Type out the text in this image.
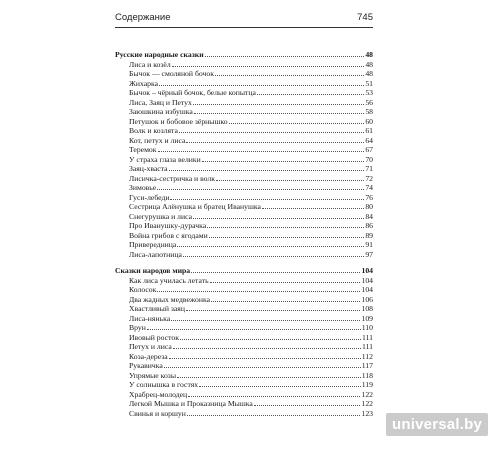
Содержание	745
Русские народные сказки	48
Лиса и козёл	48
Бычок — смоляной бочок	48
Жихарка	51
Бычок – чёрный бочок, белые копытца	53
Лиса, Заяц и Петух	56
Заюшкина избушка	58
Петушок и бобовое зёрнышко	60
Волк и козлята	61
Кот, петух и лиса	64
Теремок	67
У страха глаза велики	70
Заяц-хваста	71
Лисичка-сестричка и волк	72
Зимовье	74
Гуси-лебеди	76
Сестрица Алёнушка и братец Иванушка	80
Снегурушка и лиса	84
Про Иванушку-дурачка	86
Война грибов с ягодами	89
Привередница	91
Лиса-лапотница	97
Сказки народов мира	104
Как лиса училась летать	104
Колосок	104
Два жадных медвежонка	106
Хвастливый заяц	108
Лиса-нянька	109
Врун	110
Ивовый росток	111
Петух и лиса	111
Коза-дереза	112
Рукавичка	117
Упрямые козы	118
У солнышка в гостях	119
Храбрец-молодец	122
Легкой Мышка и Проказница Мышка	122
Свинья и коршун	123
universal.by
